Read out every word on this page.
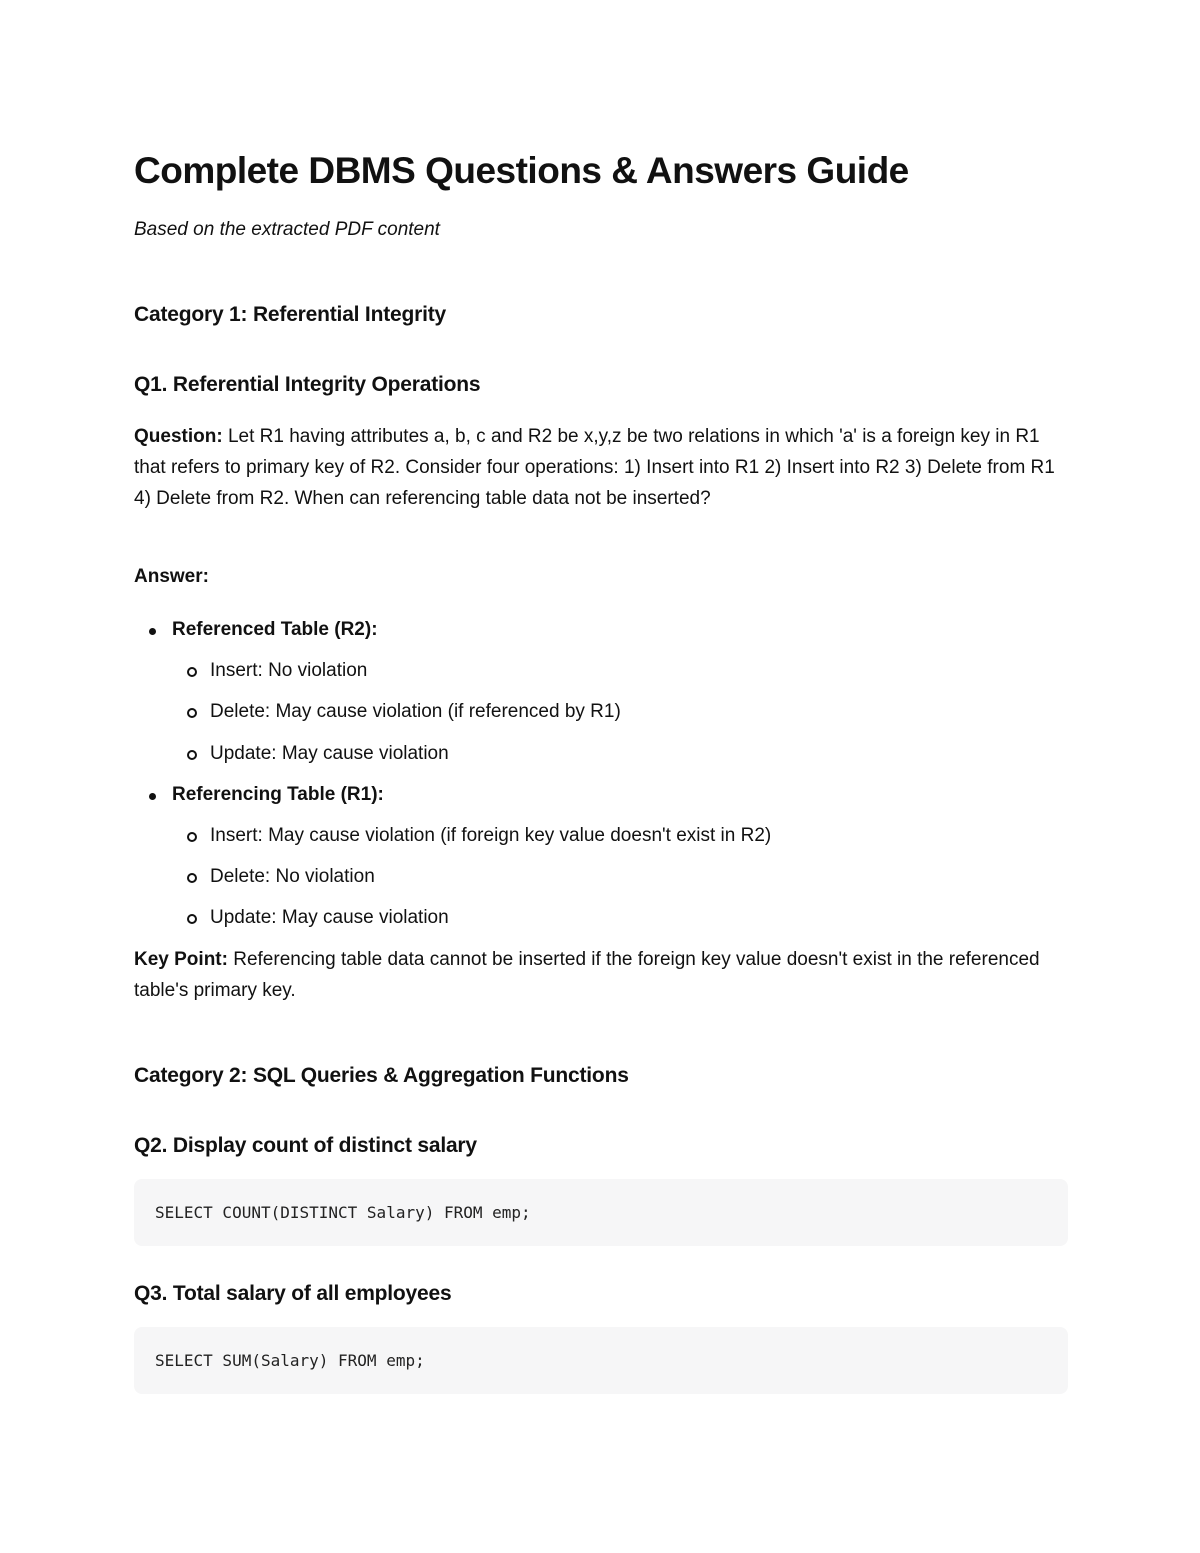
Complete DBMS Questions & Answers Guide

Based on the extracted PDF content

Category 1: Referential Integrity
Q1. Referential Integrity Operations

Question: Let R1 having attributes a, b, c and R2 be x,y,z be two relations in which 'a' is a foreign key in R1 that refers to primary key of R2. Consider four operations: 1) Insert into R1 2) Insert into R2 3) Delete from R1 4) Delete from R2. When can referencing table data not be inserted?

Answer:

Referenced Table (R2):
Insert: No violation
Delete: May cause violation (if referenced by R1)
Update: May cause violation
Referencing Table (R1):
Insert: May cause violation (if foreign key value doesn't exist in R2)
Delete: No violation
Update: May cause violation

Key Point: Referencing table data cannot be inserted if the foreign key value doesn't exist in the referenced table's primary key.

Category 2: SQL Queries & Aggregation Functions
Q2. Display count of distinct salary
SELECT COUNT(DISTINCT Salary) FROM emp;
Q3. Total salary of all employees
SELECT SUM(Salary) FROM emp;
